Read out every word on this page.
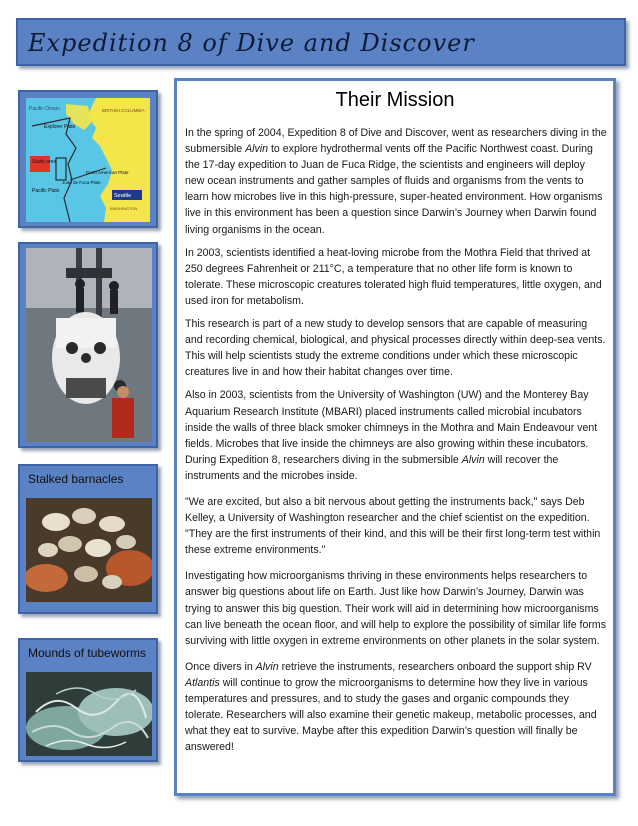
Expedition 8 of Dive and Discover
Study area
Pacific Ocean
Explorer Plate
BRITISH COLUMBIA
Juan de Fuca Plate
North American Plate
Pacific Plate
Seattle
WASHINGTON
Stalked barnacles
Mounds of tubeworms
Their Mission

In the spring of 2004, Expedition 8 of Dive and Discover, went as researchers diving in the submersible Alvin to explore hydrothermal vents off the Pacific Northwest coast. During the 17-day expedition to Juan de Fuca Ridge, the scientists and engineers will deploy new ocean instruments and gather samples of fluids and organisms from the vents to learn how microbes live in this high-pressure, super-heated environment. How organisms live in this environment has been a question since Darwin’s Journey when Darwin found living organisms in the ocean.

In 2003, scientists identified a heat-loving microbe from the Mothra Field that thrived at 250 degrees Fahrenheit or 211°C, a temperature that no other life form is known to tolerate. These microscopic creatures tolerated high fluid temperatures, little oxygen, and used iron for metabolism.

This research is part of a new study to develop sensors that are capable of measuring and recording chemical, biological, and physical processes directly within deep-sea vents. This will help scientists study the extreme conditions under which these microscopic creatures live in and how their habitat changes over time.

Also in 2003, scientists from the University of Washington (UW) and the Monterey Bay Aquarium Research Institute (MBARI) placed instruments called microbial incubators inside the walls of three black smoker chimneys in the Mothra and Main Endeavour vent fields. Microbes that live inside the chimneys are also growing within these incubators. During Expedition 8, researchers diving in the submersible Alvin will recover the instruments and the microbes inside.

"We are excited, but also a bit nervous about getting the instruments back," says Deb Kelley, a University of Washington researcher and the chief scientist on the expedition. "They are the first instruments of their kind, and this will be their first long-term test within these extreme environments."

Investigating how microorganisms thriving in these environments helps researchers to answer big questions about life on Earth. Just like how Darwin’s Journey, Darwin was trying to answer this big question. Their work will aid in determining how microorganisms can live beneath the ocean floor, and will help to explore the possibility of similar life forms surviving with little oxygen in extreme environments on other planets in the solar system.

Once divers in Alvin retrieve the instruments, researchers onboard the support ship RV Atlantis will continue to grow the microorganisms to determine how they live in various temperatures and pressures, and to study the gases and organic compounds they tolerate. Researchers will also examine their genetic makeup, metabolic processes, and what they eat to survive. Maybe after this expedition Darwin’s question will finally be answered!
